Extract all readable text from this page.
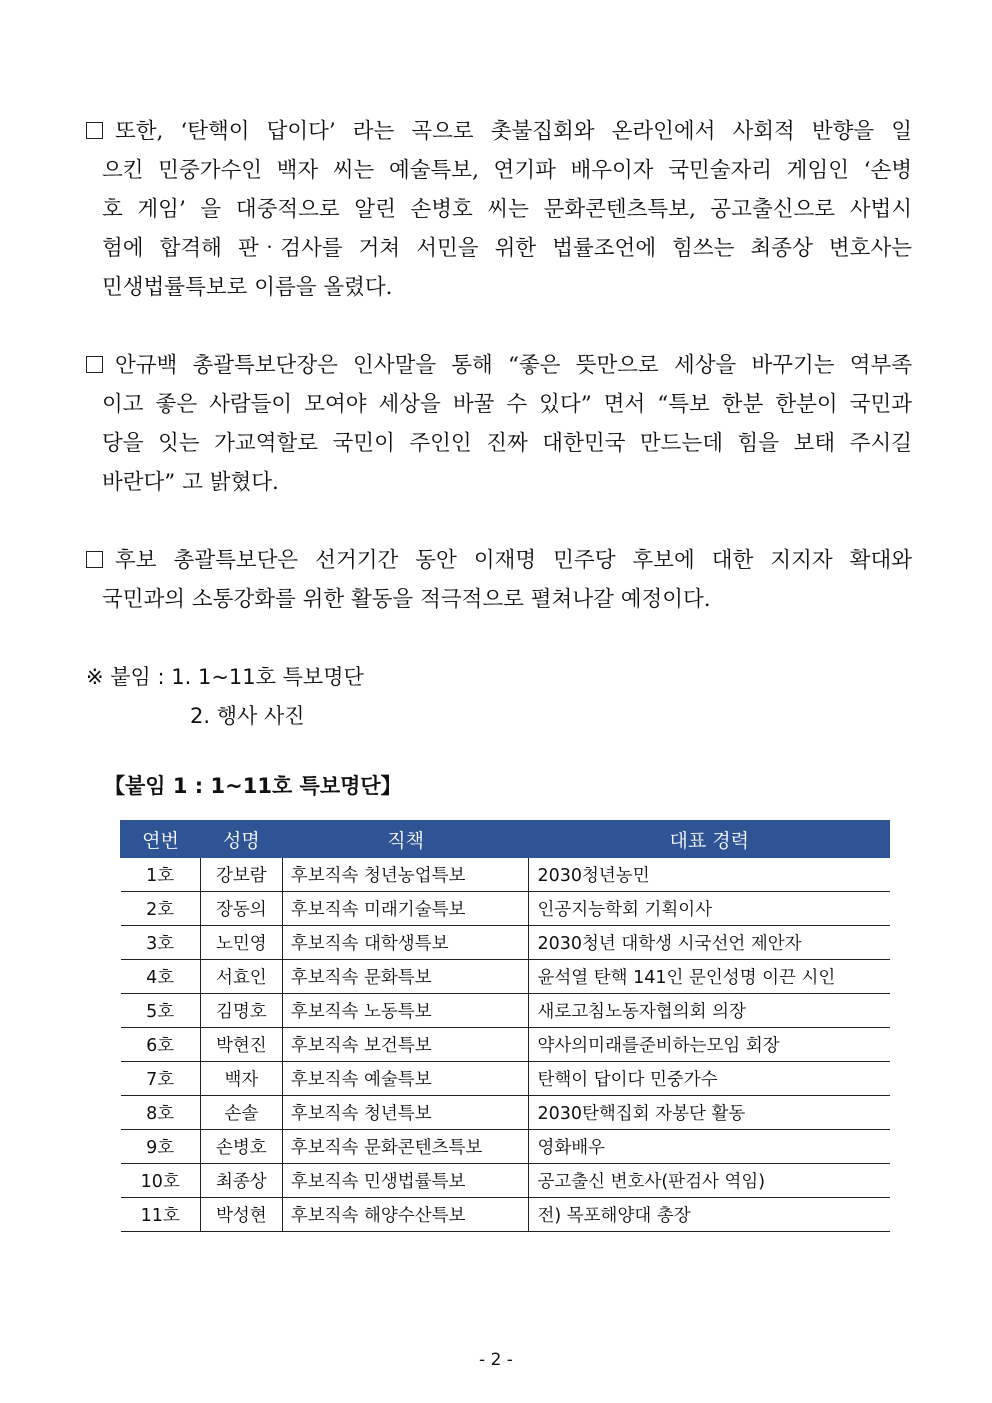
또한, ‘탄핵이 답이다’ 라는 곡으로 촛불집회와 온라인에서 사회적 반향을 일
으킨 민중가수인 백자 씨는 예술특보, 연기파 배우이자 국민술자리 게임인 ‘손병
호 게임’ 을 대중적으로 알린 손병호 씨는 문화콘텐츠특보, 공고출신으로 사법시
험에 합격해 판‧검사를 거쳐 서민을 위한 법률조언에 힘쓰는 최종상 변호사는
민생법률특보로 이름을 올렸다.
안규백 총괄특보단장은 인사말을 통해 “좋은 뜻만으로 세상을 바꾸기는 역부족
이고 좋은 사람들이 모여야 세상을 바꿀 수 있다” 면서 “특보 한분 한분이 국민과
당을 잇는 가교역할로 국민이 주인인 진짜 대한민국 만드는데 힘을 보태 주시길
바란다” 고 밝혔다.
후보 총괄특보단은 선거기간 동안 이재명 민주당 후보에 대한 지지자 확대와
국민과의 소통강화를 위한 활동을 적극적으로 펼쳐나갈 예정이다.
※ 붙임 : 1. 1~11호 특보명단
2. 행사 사진
【붙임 1 : 1~11호 특보명단】
연번	성명	직책	대표 경력
1호	강보람	후보직속 청년농업특보	2030청년농민
2호	장동의	후보직속 미래기술특보	인공지능학회 기획이사
3호	노민영	후보직속 대학생특보	2030청년 대학생 시국선언 제안자
4호	서효인	후보직속 문화특보	윤석열 탄핵 141인 문인성명 이끈 시인
5호	김명호	후보직속 노동특보	새로고침노동자협의회 의장
6호	박현진	후보직속 보건특보	약사의미래를준비하는모임 회장
7호	백자	후보직속 예술특보	탄핵이 답이다 민중가수
8호	손솔	후보직속 청년특보	2030탄핵집회 자봉단 활동
9호	손병호	후보직속 문화콘텐츠특보	영화배우
10호	최종상	후보직속 민생법률특보	공고출신 변호사(판검사 역임)
11호	박성현	후보직속 해양수산특보	전) 목포해양대 총장
- 2 -
